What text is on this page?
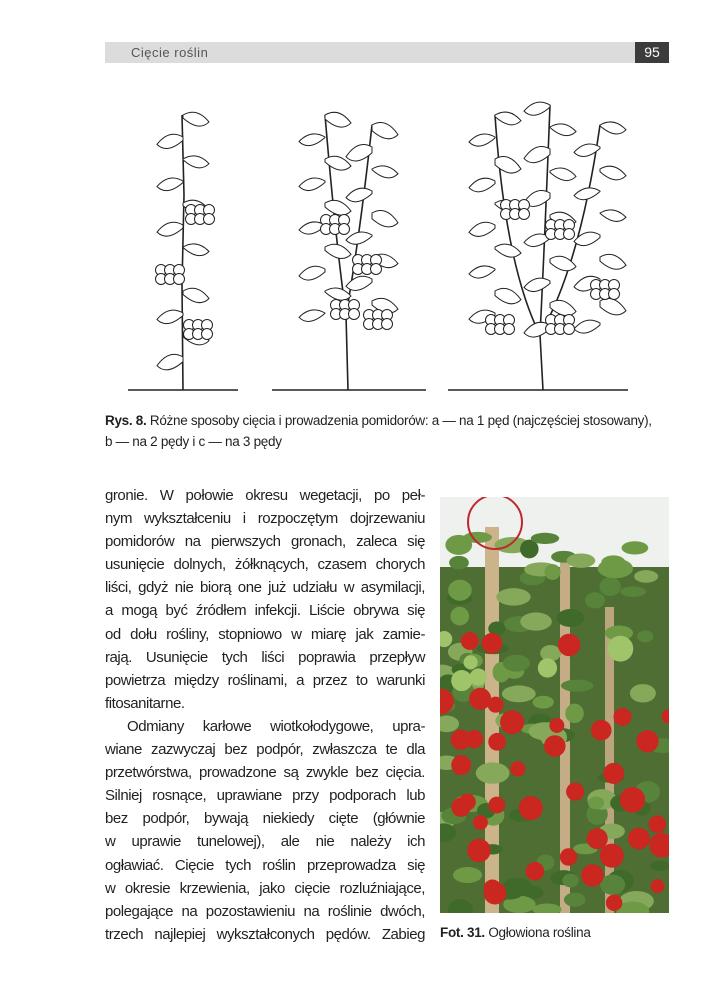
Cięcie roślin	95
Rys. 8. Różne sposoby cięcia i prowadzenia pomidorów: a — na 1 pęd (najczęściej stosowany),
b — na 2 pędy i c — na 3 pędy
gronie. W połowie okresu wegetacji, po peł-
nym wykształceniu i rozpoczętym dojrzewaniu
pomidorów na pierwszych gronach, zaleca się
usunięcie dolnych, żółknących, czasem chorych
liści, gdyż nie biorą one już udziału w asymilacji,
a mogą być źródłem infekcji. Liście obrywa się
od dołu rośliny, stopniowo w miarę jak zamie-
rają. Usunięcie tych liści poprawia przepływ
powietrza między roślinami, a przez to warunki
fitosanitarne.
Odmiany karłowe wiotkołodygowe, upra-
wiane zazwyczaj bez podpór, zwłaszcza te dla
przetwórstwa, prowadzone są zwykle bez cięcia.
Silniej rosnące, uprawiane przy podporach lub
bez podpór, bywają niekiedy cięte (głównie
w uprawie tunelowej), ale nie należy ich
ogławiać. Cięcie tych roślin przeprowadza się
w okresie krzewienia, jako cięcie rozluźniające,
polegające na pozostawieniu na roślinie dwóch,
trzech najlepiej wykształconych pędów. Zabieg Fot. 31. Ogłowiona roślina
